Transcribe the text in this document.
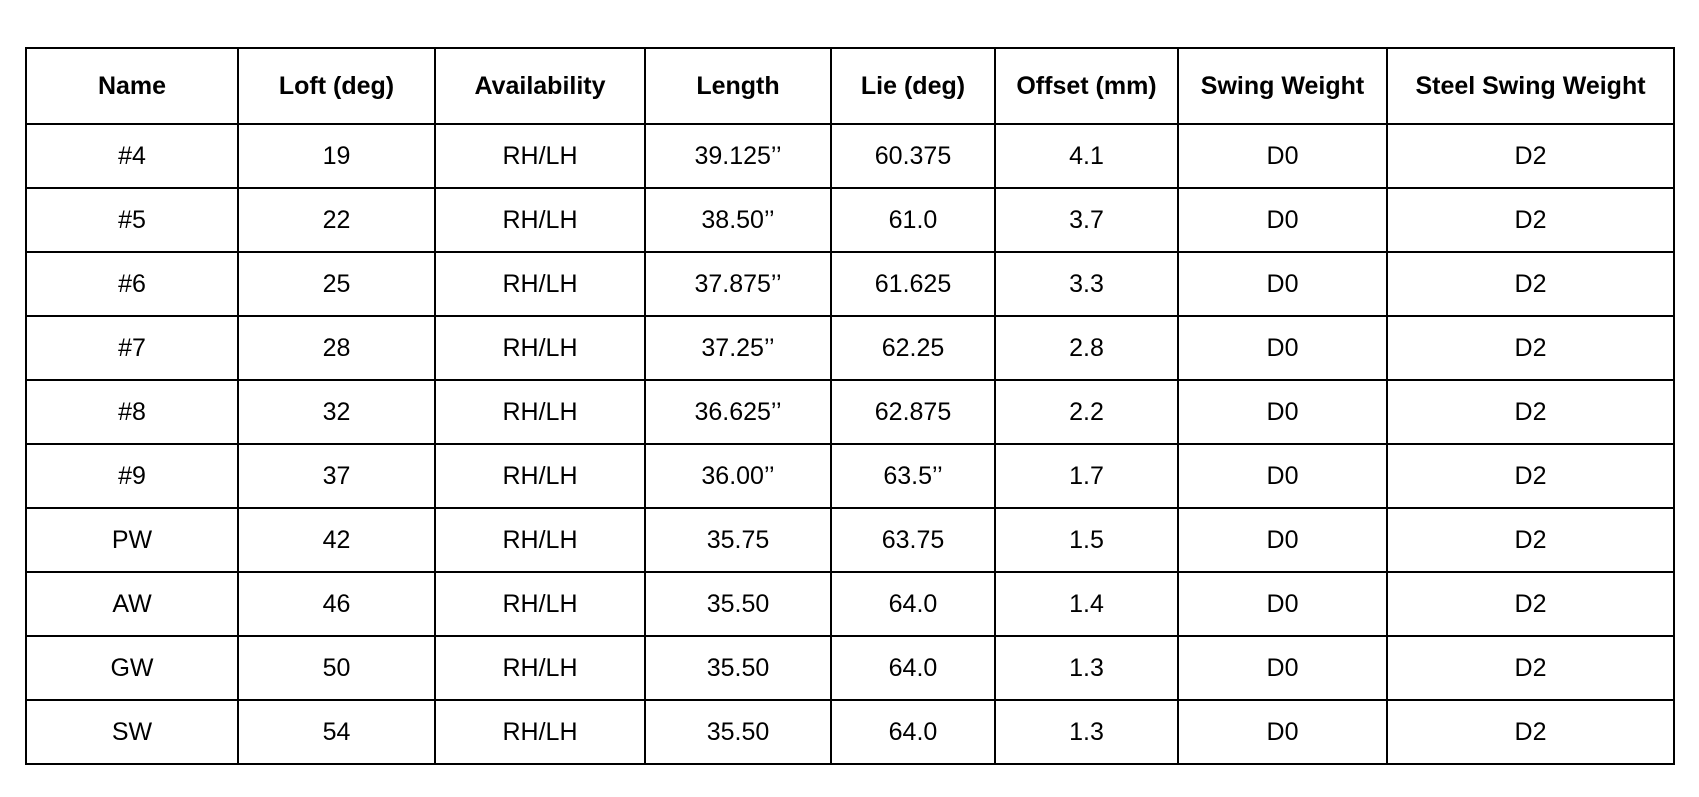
Name	Loft (deg)	Availability	Length	Lie (deg)	Offset (mm)	Swing Weight	Steel Swing Weight
#4	19	RH/LH	39.125’’	60.375	4.1	D0	D2
#5	22	RH/LH	38.50’’	61.0	3.7	D0	D2
#6	25	RH/LH	37.875’’	61.625	3.3	D0	D2
#7	28	RH/LH	37.25’’	62.25	2.8	D0	D2
#8	32	RH/LH	36.625’’	62.875	2.2	D0	D2
#9	37	RH/LH	36.00’’	63.5’’	1.7	D0	D2
PW	42	RH/LH	35.75	63.75	1.5	D0	D2
AW	46	RH/LH	35.50	64.0	1.4	D0	D2
GW	50	RH/LH	35.50	64.0	1.3	D0	D2
SW	54	RH/LH	35.50	64.0	1.3	D0	D2
